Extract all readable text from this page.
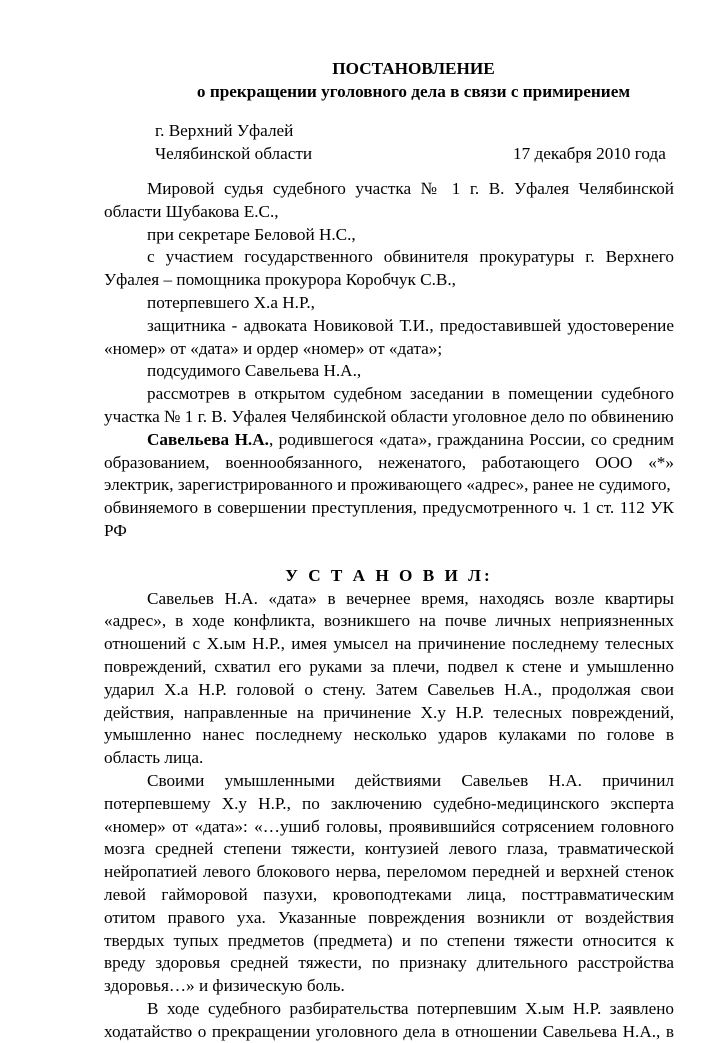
ПОСТАНОВЛЕНИЕ
о прекращении уголовного дела в связи с примирением
г. Верхний Уфалей
Челябинской области	17 декабря 2010 года

Мировой судья судебного участка № 1 г. В. Уфалея Челябинской области Шубакова Е.С.,

при секретаре Беловой Н.С.,

с участием государственного обвинителя прокуратуры г. Верхнего Уфалея – помощника прокурора Коробчук С.В.,

потерпевшего Х.а Н.Р.,

защитника - адвоката Новиковой Т.И., предоставившей удостоверение «номер» от «дата» и ордер «номер» от «дата»;

подсудимого Савельева Н.А.,

рассмотрев в открытом судебном заседании в помещении судебного участка № 1 г. В. Уфалея Челябинской области уголовное дело по обвинению

Савельева Н.А., родившегося «дата», гражданина России, со средним образованием, военнообязанного, неженатого, работающего ООО «*» электрик, зарегистрированного и проживающего «адрес», ранее не судимого,

обвиняемого в совершении преступления, предусмотренного ч. 1 ст. 112 УК РФ

У С Т А Н О В И Л:

Савельев Н.А. «дата» в вечернее время, находясь возле квартиры «адрес», в ходе конфликта, возникшего на почве личных неприязненных отношений с Х.ым Н.Р., имея умысел на причинение последнему телесных повреждений, схватил его руками за плечи, подвел к стене и умышленно ударил Х.а Н.Р. головой о стену. Затем Савельев Н.А., продолжая свои действия, направленные на причинение Х.у Н.Р. телесных повреждений, умышленно нанес последнему несколько ударов кулаками по голове в область лица.

Своими умышленными действиями Савельев Н.А. причинил потерпевшему Х.у Н.Р., по заключению судебно-медицинского эксперта «номер» от «дата»: «…ушиб головы, проявившийся сотрясением головного мозга средней степени тяжести, контузией левого глаза, травматической нейропатией левого блокового нерва, переломом передней и верхней стенок левой гайморовой пазухи, кровоподтеками лица, посттравматическим отитом правого уха. Указанные повреждения возникли от воздействия твердых тупых предметов (предмета) и по степени тяжести относится к вреду здоровья средней тяжести, по признаку длительного расстройства здоровья…» и физическую боль.

В ходе судебного разбирательства потерпевшим Х.ым Н.Р. заявлено ходатайство о прекращении уголовного дела в отношении Савельева Н.А., в
